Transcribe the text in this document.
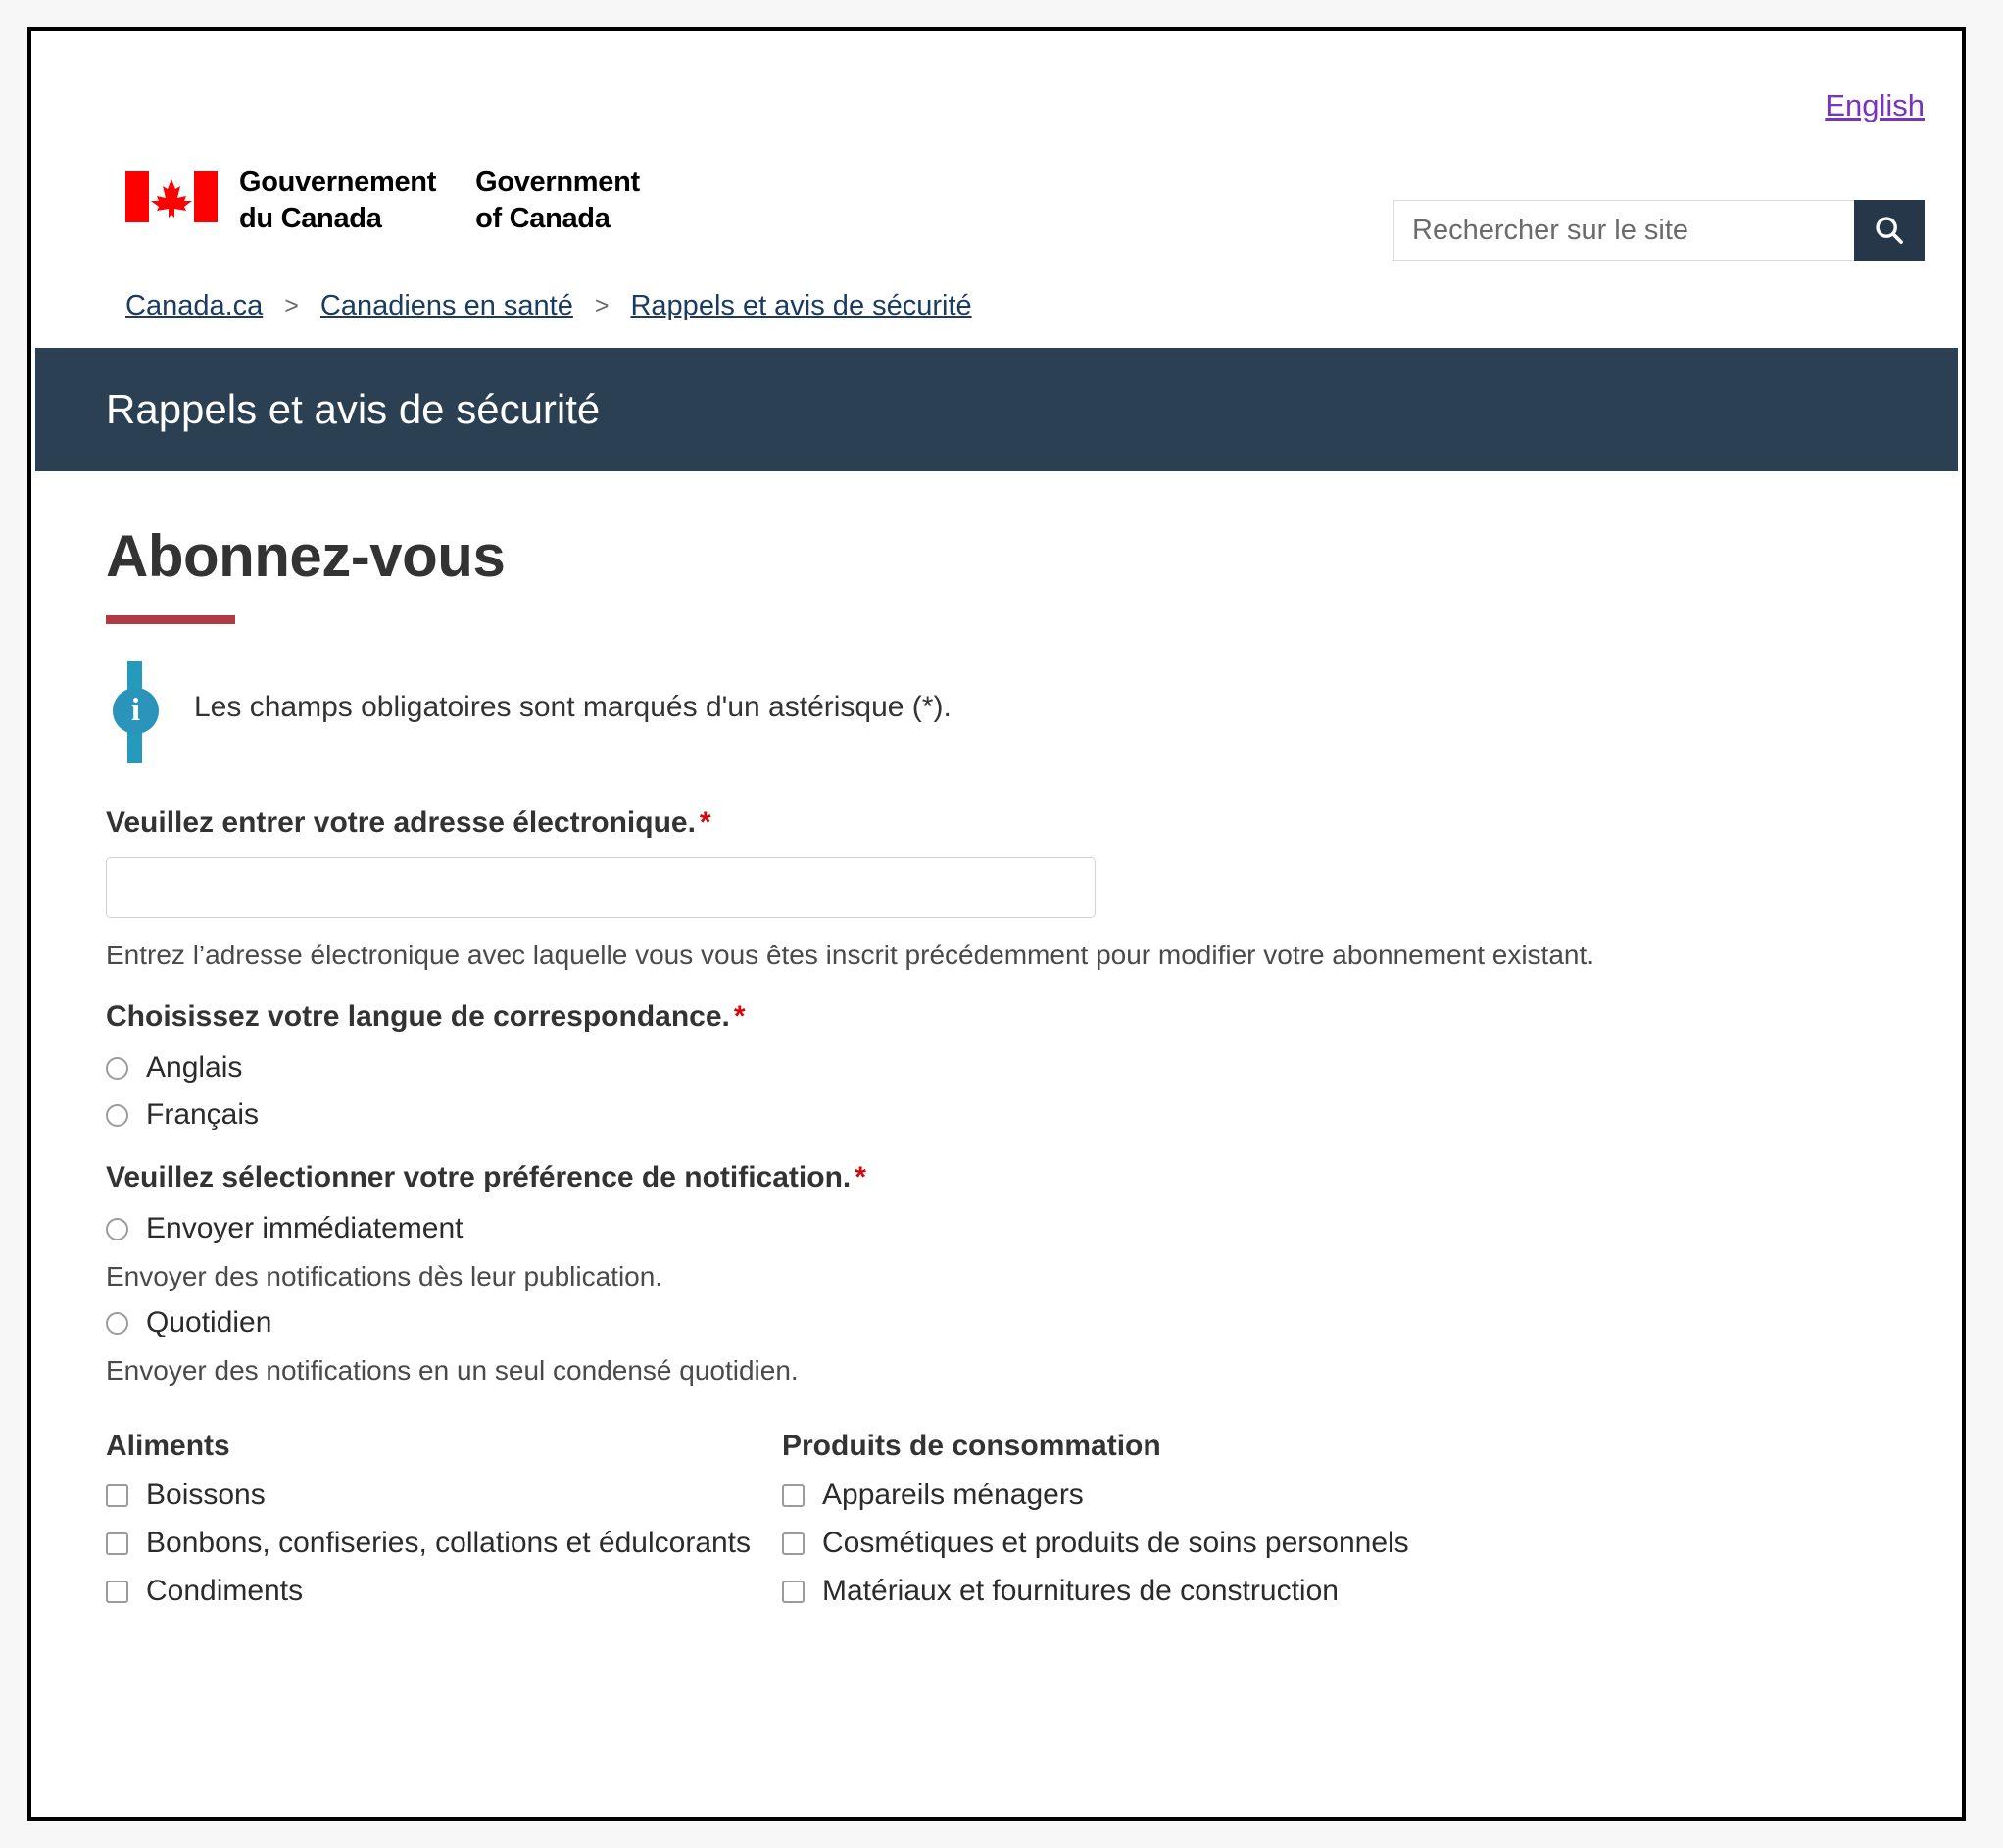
English
Gouvernement
du Canada
Government
of Canada
Rechercher sur le site
Canada.ca > Canadiens en santé > Rappels et avis de sécurité
Rappels et avis de sécurité
Abonnez-vous
i Les champs obligatoires sont marqués d'un astérisque (*).
Veuillez entrer votre adresse électronique. *
Entrez l’adresse électronique avec laquelle vous vous êtes inscrit précédemment pour modifier votre abonnement existant.
Choisissez votre langue de correspondance. *
Anglais
Français
Veuillez sélectionner votre préférence de notification. *
Envoyer immédiatement
Envoyer des notifications dès leur publication.
Quotidien
Envoyer des notifications en un seul condensé quotidien.
Aliments
Boissons
Bonbons, confiseries, collations et édulcorants
Condiments
Produits de consommation
Appareils ménagers
Cosmétiques et produits de soins personnels
Matériaux et fournitures de construction
